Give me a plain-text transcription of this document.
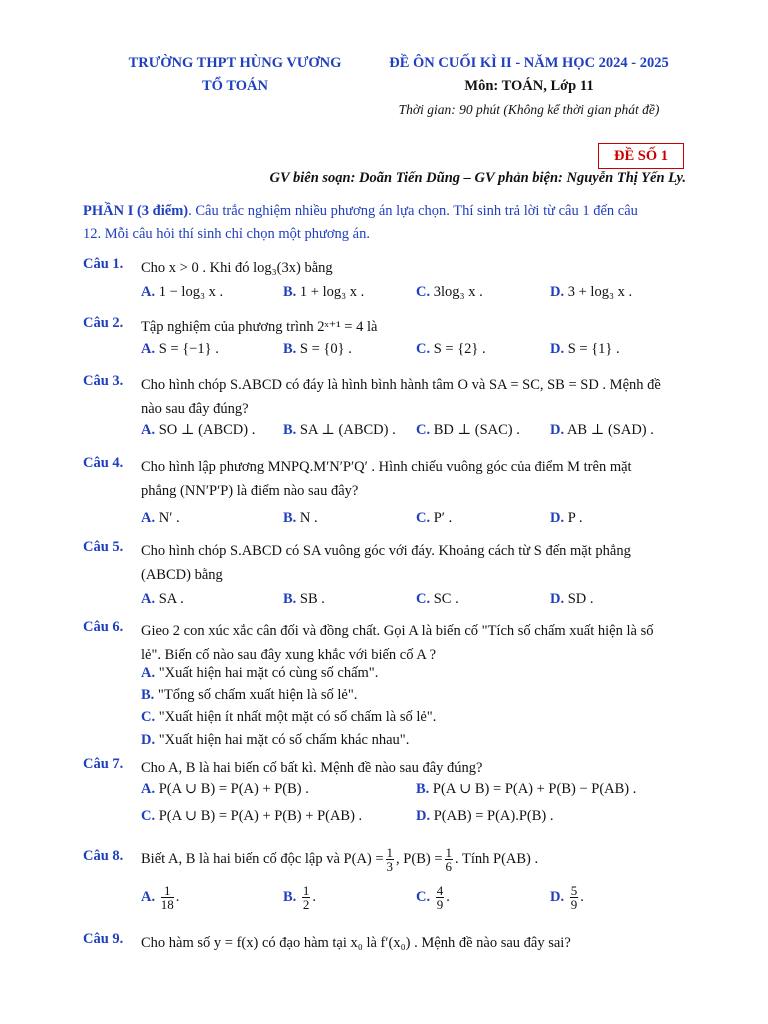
TRƯỜNG THPT HÙNG VƯƠNG
TỔ TOÁN
ĐỀ ÔN CUỐI KÌ II - NĂM HỌC 2024 - 2025
Môn: TOÁN, Lớp 11
Thời gian: 90 phút (Không kể thời gian phát đề)
ĐỀ SỐ 1
GV biên soạn: Doãn Tiến Dũng – GV phản biện: Nguyễn Thị Yến Ly.
PHẦN I (3 điểm). Câu trắc nghiệm nhiều phương án lựa chọn. Thí sinh trả lời từ câu 1 đến câu
12. Mỗi câu hỏi thí sinh chỉ chọn một phương án.
Câu 1. Cho x > 0 . Khi đó log₃(3x) bằng
A. 1 − log₃ x .	B. 1 + log₃ x .	C. 3log₃ x .	D. 3 + log₃ x .
Câu 2. Tập nghiệm của phương trình 2ˣ⁺¹ = 4 là
A. S = {−1} .	B. S = {0} .	C. S = {2} .	D. S = {1} .
Câu 3. Cho hình chóp S.ABCD có đáy là hình bình hành tâm O và SA = SC, SB = SD . Mệnh đề
nào sau đây đúng?
A. SO ⊥ (ABCD) . B. SA ⊥ (ABCD) . C. BD ⊥ (SAC) . D. AB ⊥ (SAD) .
Câu 4. Cho hình lập phương MNPQ.M′N′P′Q′ . Hình chiếu vuông góc của điểm M trên mặt
phẳng (NN′P′P) là điểm nào sau đây?
A. N′ .	B. N .	C. P′ .	D. P .
Câu 5. Cho hình chóp S.ABCD có SA vuông góc với đáy. Khoảng cách từ S đến mặt phẳng
(ABCD) bằng
A. SA .	B. SB .	C. SC .	D. SD .
Câu 6. Gieo 2 con xúc xắc cân đối và đồng chất. Gọi A là biến cố "Tích số chấm xuất hiện là số
lẻ". Biến cố nào sau đây xung khắc với biến cố A ?
A. "Xuất hiện hai mặt có cùng số chấm".
B. "Tổng số chấm xuất hiện là số lẻ".
C. "Xuất hiện ít nhất một mặt có số chấm là số lẻ".
D. "Xuất hiện hai mặt có số chấm khác nhau".
Câu 7. Cho A, B là hai biến cố bất kì. Mệnh đề nào sau đây đúng?
A. P(A ∪ B) = P(A) + P(B) .	B. P(A ∪ B) = P(A) + P(B) − P(AB) .
C. P(A ∪ B) = P(A) + P(B) + P(AB) .	D. P(AB) = P(A).P(B) .
Câu 8. Biết A, B là hai biến cố độc lập và $P(A) = \frac{1}{3}$ , $P(B) = \frac{1}{6}$ . Tính P(AB) .
A. $\frac{1}{18}$ .	B. $\frac{1}{2}$ .	C. $\frac{4}{9}$ .	D. $\frac{5}{9}$ .
Câu 9. Cho hàm số y = f(x) có đạo hàm tại x₀ là f′(x₀) . Mệnh đề nào sau đây sai?
